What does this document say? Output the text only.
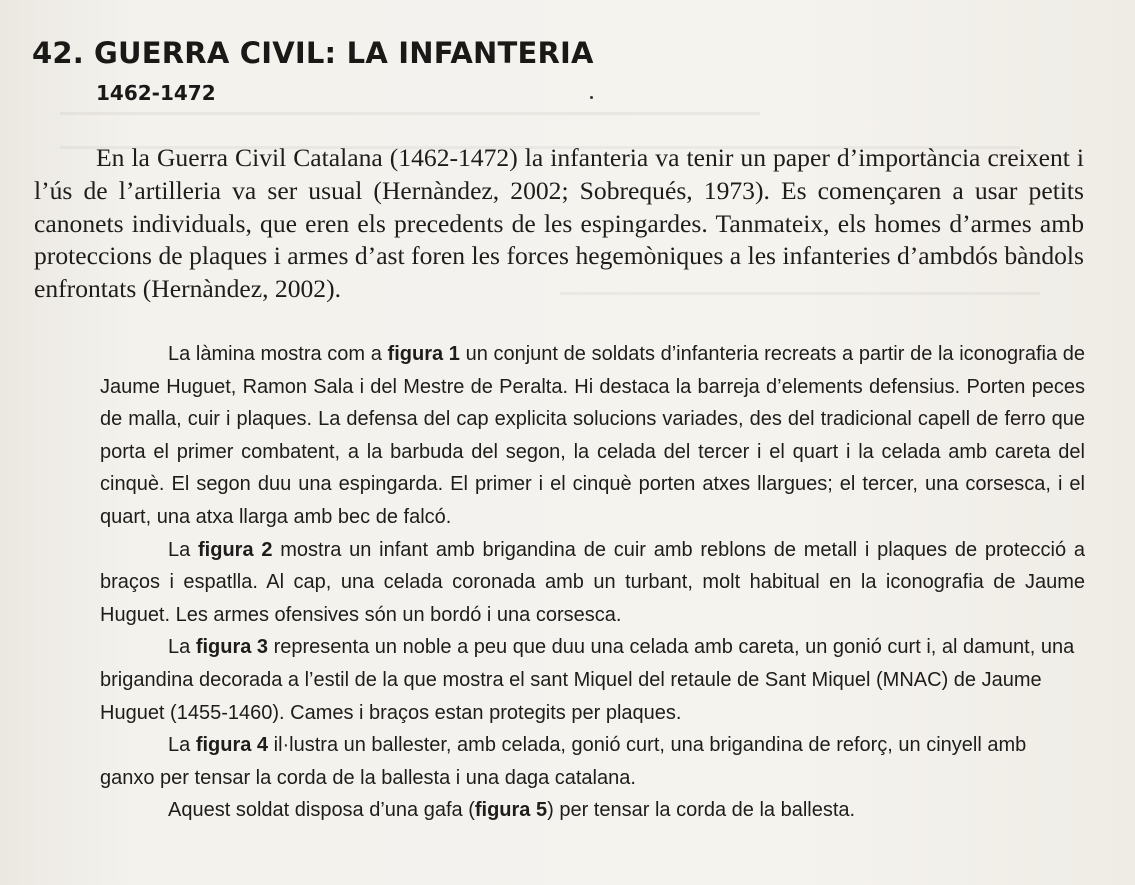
42. GUERRA CIVIL: LA INFANTERIA
1462-1472

En la Guerra Civil Catalana (1462-1472) la infanteria va tenir un paper d’importància creixent i l’ús de l’artilleria va ser usual (Hernàndez, 2002; Sobrequés, 1973). Es començaren a usar petits canonets individuals, que eren els precedents de les espingardes. Tanmateix, els homes d’armes amb proteccions de plaques i armes d’ast foren les forces hegemòniques a les infanteries d’ambdós bàndols enfrontats (Hernàndez, 2002).

La làmina mostra com a figura 1 un conjunt de soldats d’infanteria recreats a partir de la iconografia de Jaume Huguet, Ramon Sala i del Mestre de Peralta. Hi destaca la barreja d’elements defensius. Porten peces de malla, cuir i plaques. La defensa del cap explicita solucions variades, des del tradicional capell de ferro que porta el primer combatent, a la barbuda del segon, la celada del tercer i el quart i la celada amb careta del cinquè. El segon duu una espingarda. El primer i el cinquè porten atxes llargues; el tercer, una corsesca, i el quart, una atxa llarga amb bec de falcó.

La figura 2 mostra un infant amb brigandina de cuir amb reblons de metall i plaques de protecció a braços i espatlla. Al cap, una celada coronada amb un turbant, molt habitual en la iconografia de Jaume Huguet. Les armes ofensives són un bordó i una corsesca.

La figura 3 representa un noble a peu que duu una celada amb careta, un gonió curt i, al damunt, una brigandina decorada a l’estil de la que mostra el sant Miquel del retaule de Sant Miquel (MNAC) de Jaume Huguet (1455-1460). Cames i braços estan protegits per plaques.

La figura 4 il·lustra un ballester, amb celada, gonió curt, una brigandina de reforç, un cinyell amb ganxo per tensar la corda de la ballesta i una daga catalana.

Aquest soldat disposa d’una gafa (figura 5) per tensar la corda de la ballesta.
